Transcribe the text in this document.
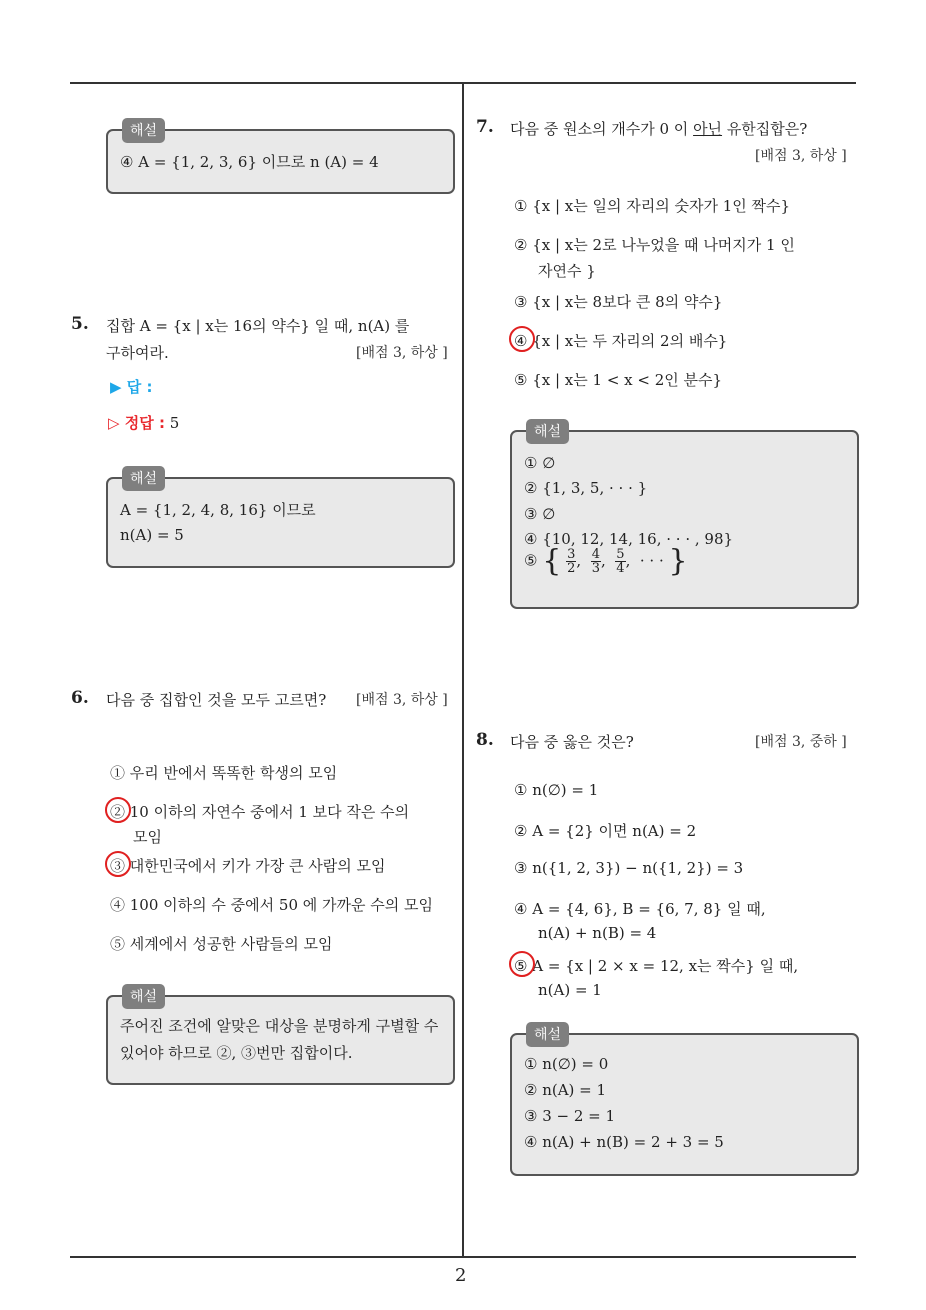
2
해설
④ A = {1, 2, 3, 6} 이므로 n (A) = 4
5. 집합 A = {x | x는 16의 약수} 일 때, n(A) 를
구하여라.	[배점 3, 하상 ]
▶ 답 :
▷ 정답 : 5
해설
A = {1, 2, 4, 8, 16} 이므로
n(A) = 5
6. 다음 중 집합인 것을 모두 고르면? [배점 3, 하상 ]
① 우리 반에서 똑똑한 학생의 모임
② 10 이하의 자연수 중에서 1 보다 작은 수의
모임
③ 대한민국에서 키가 가장 큰 사람의 모임
④ 100 이하의 수 중에서 50 에 가까운 수의 모임
⑤ 세계에서 성공한 사람들의 모임
해설
주어진 조건에 알맞은 대상을 분명하게 구별할 수
있어야 하므로 ②, ③번만 집합이다.
7. 다음 중 원소의 개수가 0 이 아닌 유한집합은?
[배점 3, 하상 ]
① {x | x는 일의 자리의 숫자가 1인 짝수}
② {x | x는 2로 나누었을 때 나머지가 1 인
자연수 }
③ {x | x는 8보다 큰 8의 약수}
④ {x | x는 두 자리의 2의 배수}
⑤ {x | x는 1 < x < 2인 분수}
해설
① ∅
② {1, 3, 5, · · · }
③ ∅
④ {10, 12, 14, 16, · · · , 98}
⑤ { $\frac{3}{2}$ , $\frac{4}{3}$ , $\frac{5}{4}$ ,  · · · }
8. 다음 중 옳은 것은?	[배점 3, 중하 ]
① n(∅) = 1
② A = {2} 이면 n(A) = 2
③ n({1, 2, 3}) − n({1, 2}) = 3
④ A = {4, 6}, B = {6, 7, 8} 일 때,
n(A) + n(B) = 4
⑤ A = {x | 2 × x = 12, x는 짝수} 일 때,
n(A) = 1
해설
① n(∅) = 0
② n(A) = 1
③ 3 − 2 = 1
④ n(A) + n(B) = 2 + 3 = 5
